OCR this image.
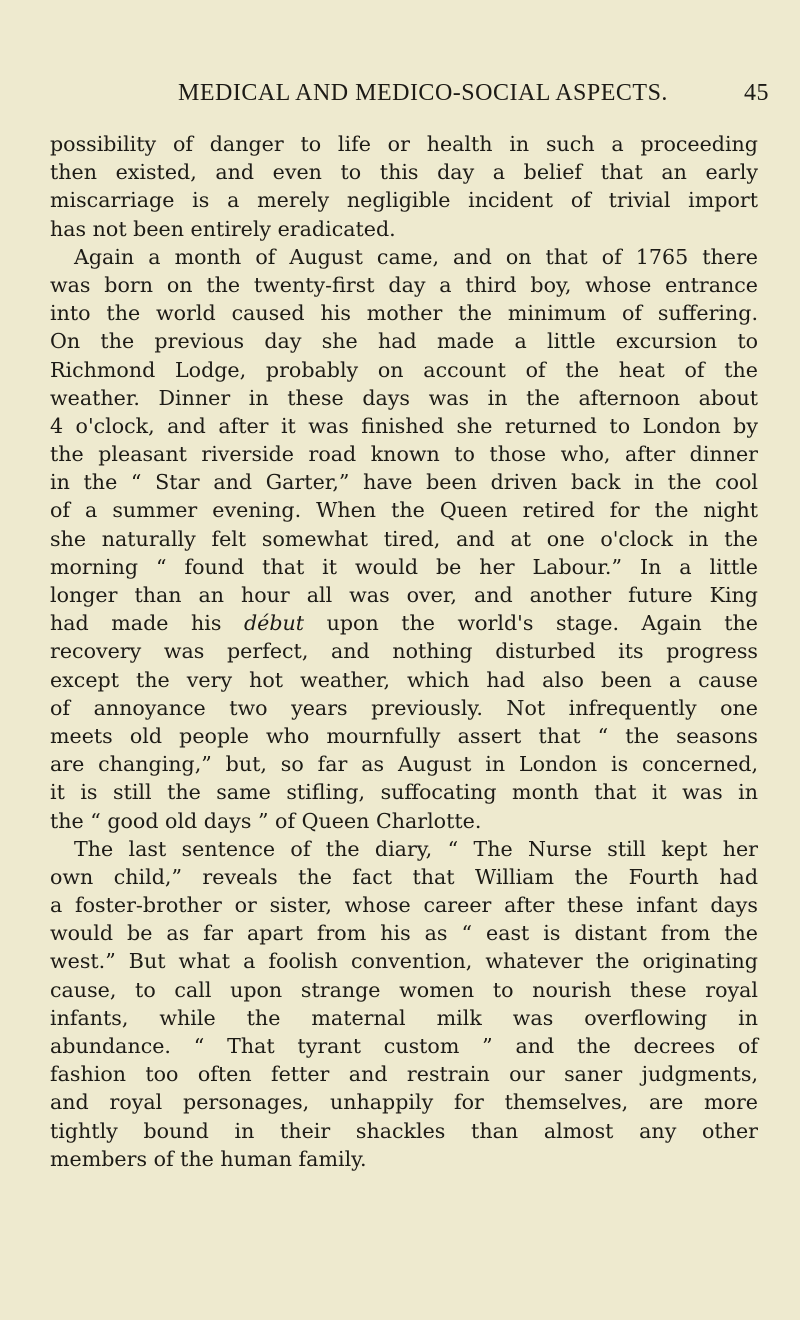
MEDICAL AND MEDICO-SOCIAL ASPECTS.	45
possibility of danger to life or health in such a proceeding
then existed, and even to this day a belief that an early
miscarriage is a merely negligible incident of trivial import
has not been entirely eradicated.
Again a month of August came, and on that of 1765 there
was born on the twenty-first day a third boy, whose entrance
into the world caused his mother the minimum of suffering.
On the previous day she had made a little excursion to
Richmond Lodge, probably on account of the heat of the
weather. Dinner in these days was in the afternoon about
4 o'clock, and after it was finished she returned to London by
the pleasant riverside road known to those who, after dinner
in the “ Star and Garter,” have been driven back in the cool
of a summer evening. When the Queen retired for the night
she naturally felt somewhat tired, and at one o'clock in the
morning “ found that it would be her Labour.” In a little
longer than an hour all was over, and another future King
had made his début upon the world's stage. Again the
recovery was perfect, and nothing disturbed its progress
except the very hot weather, which had also been a cause
of annoyance two years previously. Not infrequently one
meets old people who mournfully assert that “ the seasons
are changing,” but, so far as August in London is concerned,
it is still the same stifling, suffocating month that it was in
the “ good old days ” of Queen Charlotte.
The last sentence of the diary, “ The Nurse still kept her
own child,” reveals the fact that William the Fourth had
a foster-brother or sister, whose career after these infant days
would be as far apart from his as “ east is distant from the
west.” But what a foolish convention, whatever the originating
cause, to call upon strange women to nourish these royal
infants, while the maternal milk was overflowing in
abundance. “ That tyrant custom ” and the decrees of
fashion too often fetter and restrain our saner judgments,
and royal personages, unhappily for themselves, are more
tightly bound in their shackles than almost any other
members of the human family.
